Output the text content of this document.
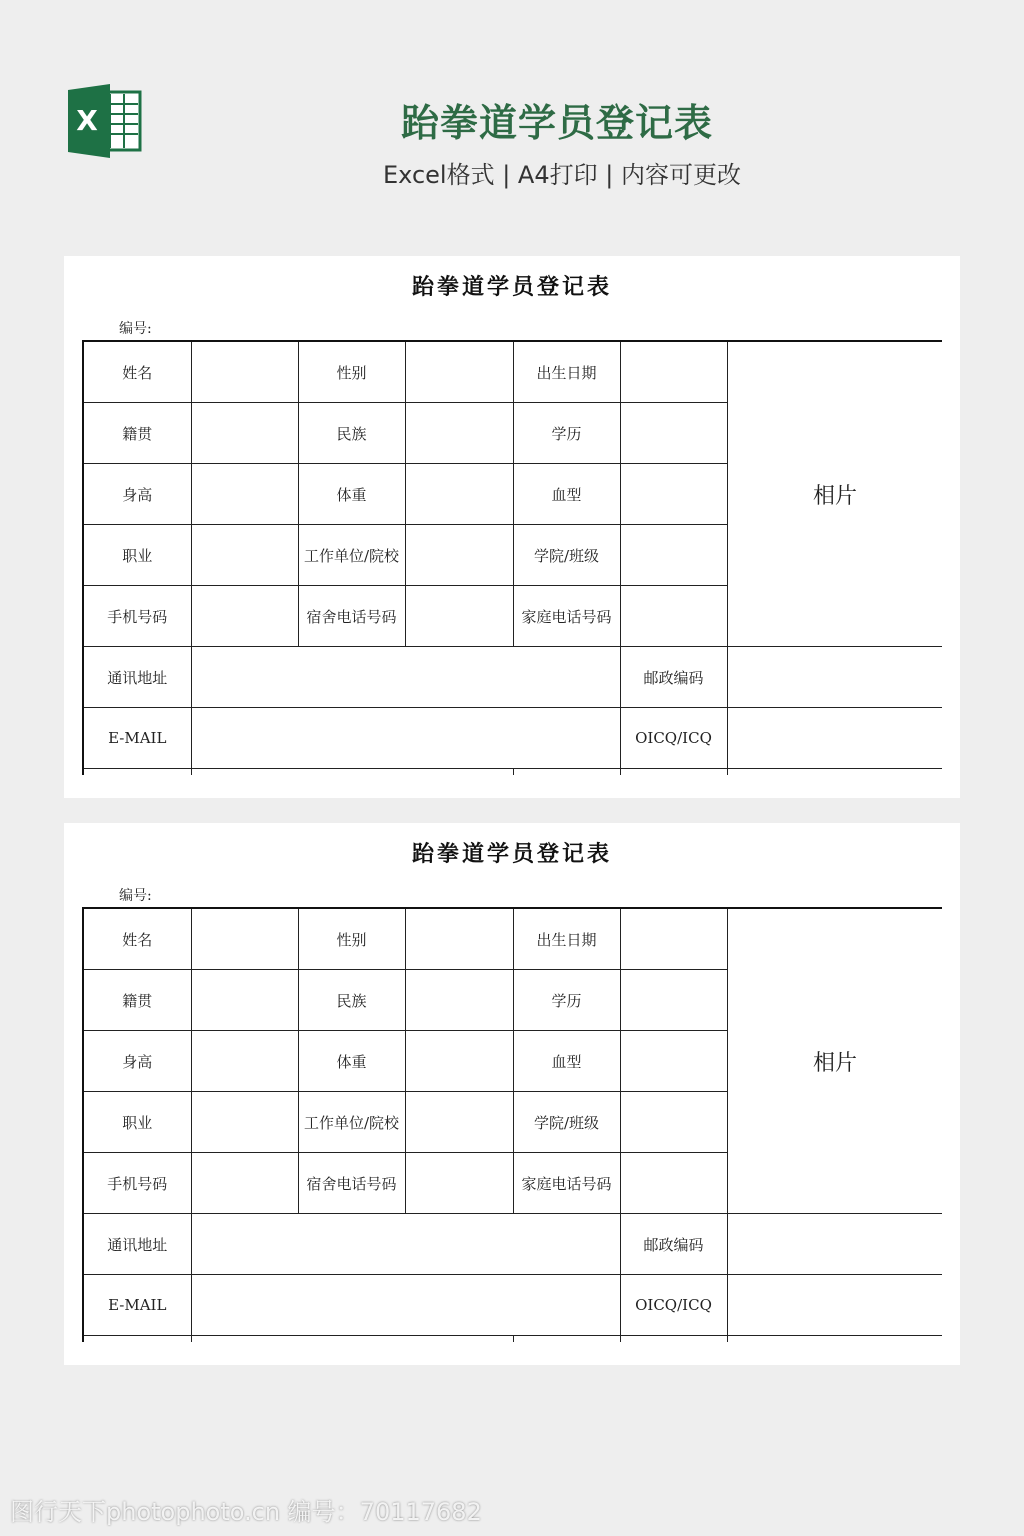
X	跆拳道学员登记表
Excel格式 | A4打印 | 内容可更改
跆拳道学员登记表
编号:
姓名		性别		出生日期		相片
籍贯		民族		学历		
身高		体重		血型		
职业		工作单位/院校		学院/班级		
手机号码		宿舍电话号码		家庭电话号码		
通讯地址					邮政编码	
E-MAIL					OICQ/ICQ	

跆拳道学员登记表
编号:
姓名		性别		出生日期		相片
籍贯		民族		学历		
身高		体重		血型		
职业		工作单位/院校		学院/班级		
手机号码		宿舍电话号码		家庭电话号码		
通讯地址					邮政编码	
E-MAIL					OICQ/ICQ	

图行天下photophoto.cn 编号：70117682
